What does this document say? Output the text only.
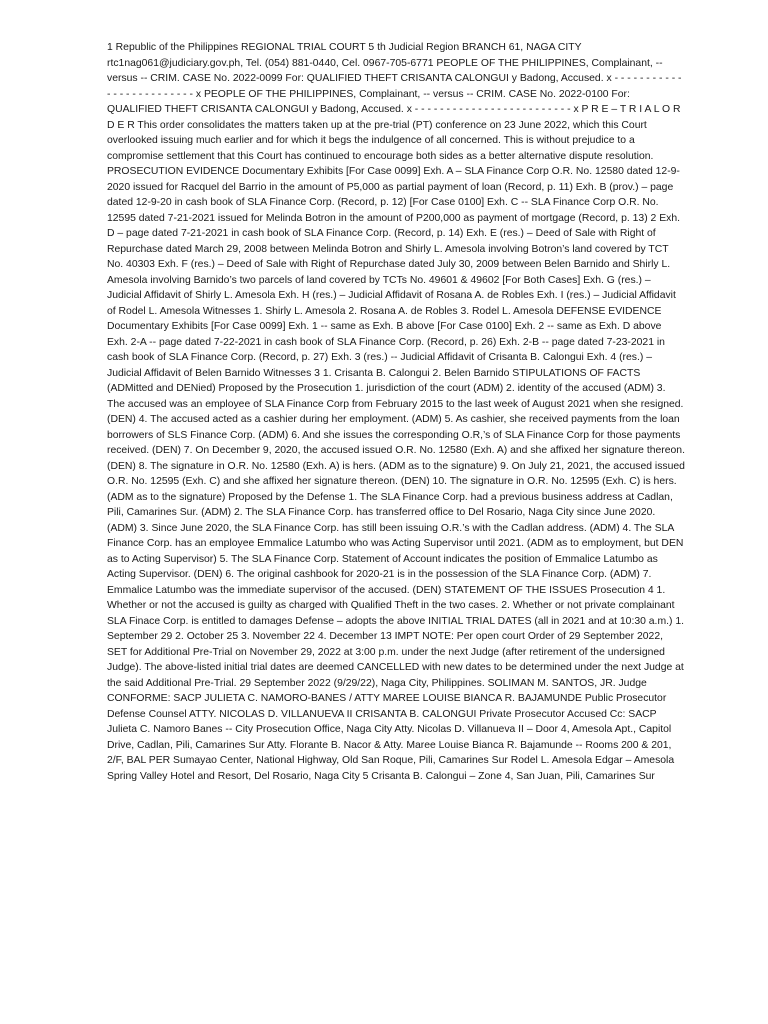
1 Republic of the Philippines REGIONAL TRIAL COURT 5 th Judicial Region BRANCH 61, NAGA CITY rtc1nag061@judiciary.gov.ph, Tel. (054) 881-0440, Cel. 0967-705-6771 PEOPLE OF THE PHILIPPINES, Complainant, -- versus -- CRIM. CASE No. 2022-0099 For: QUALIFIED THEFT CRISANTA CALONGUI y Badong, Accused. x - - - - - - - - - - - - - - - - - - - - - - - - - x PEOPLE OF THE PHILIPPINES, Complainant, -- versus -- CRIM. CASE No. 2022-0100 For: QUALIFIED THEFT CRISANTA CALONGUI y Badong, Accused. x - - - - - - - - - - - - - - - - - - - - - - - - - x P R E – T R I A L O R D E R This order consolidates the matters taken up at the pre-trial (PT) conference on 23 June 2022, which this Court overlooked issuing much earlier and for which it begs the indulgence of all concerned. This is without prejudice to a compromise settlement that this Court has continued to encourage both sides as a better alternative dispute resolution. PROSECUTION EVIDENCE Documentary Exhibits [For Case 0099] Exh. A – SLA Finance Corp O.R. No. 12580 dated 12-9-2020 issued for Racquel del Barrio in the amount of P5,000 as partial payment of loan (Record, p. 11) Exh. B (prov.) – page dated 12-9-20 in cash book of SLA Finance Corp. (Record, p. 12) [For Case 0100] Exh. C -- SLA Finance Corp O.R. No. 12595 dated 7-21-2021 issued for Melinda Botron in the amount of P200,000 as payment of mortgage (Record, p. 13) 2 Exh. D – page dated 7-21-2021 in cash book of SLA Finance Corp. (Record, p. 14) Exh. E (res.) – Deed of Sale with Right of Repurchase dated March 29, 2008 between Melinda Botron and Shirly L. Amesola involving Botron’s land covered by TCT No. 40303 Exh. F (res.) – Deed of Sale with Right of Repurchase dated July 30, 2009 between Belen Barnido and Shirly L. Amesola involving Barnido’s two parcels of land covered by TCTs No. 49601 & 49602 [For Both Cases] Exh. G (res.) – Judicial Affidavit of Shirly L. Amesola Exh. H (res.) – Judicial Affidavit of Rosana A. de Robles Exh. I (res.) – Judicial Affidavit of Rodel L. Amesola Witnesses 1. Shirly L. Amesola 2. Rosana A. de Robles 3. Rodel L. Amesola DEFENSE EVIDENCE Documentary Exhibits [For Case 0099] Exh. 1 -- same as Exh. B above [For Case 0100] Exh. 2 -- same as Exh. D above Exh. 2-A -- page dated 7-22-2021 in cash book of SLA Finance Corp. (Record, p. 26) Exh. 2-B -- page dated 7-23-2021 in cash book of SLA Finance Corp. (Record, p. 27) Exh. 3 (res.) -- Judicial Affidavit of Crisanta B. Calongui Exh. 4 (res.) – Judicial Affidavit of Belen Barnido Witnesses 3 1. Crisanta B. Calongui 2. Belen Barnido STIPULATIONS OF FACTS (ADMitted and DENied) Proposed by the Prosecution 1. jurisdiction of the court (ADM) 2. identity of the accused (ADM) 3. The accused was an employee of SLA Finance Corp from February 2015 to the last week of August 2021 when she resigned. (DEN) 4. The accused acted as a cashier during her employment. (ADM) 5. As cashier, she received payments from the loan borrowers of SLS Finance Corp. (ADM) 6. And she issues the corresponding O.R,’s of SLA Finance Corp for those payments received. (DEN) 7. On December 9, 2020, the accused issued O.R. No. 12580 (Exh. A) and she affixed her signature thereon. (DEN) 8. The signature in O.R. No. 12580 (Exh. A) is hers. (ADM as to the signature) 9. On July 21, 2021, the accused issued O.R. No. 12595 (Exh. C) and she affixed her signature thereon. (DEN) 10. The signature in O.R. No. 12595 (Exh. C) is hers. (ADM as to the signature) Proposed by the Defense 1. The SLA Finance Corp. had a previous business address at Cadlan, Pili, Camarines Sur. (ADM) 2. The SLA Finance Corp. has transferred office to Del Rosario, Naga City since June 2020. (ADM) 3. Since June 2020, the SLA Finance Corp. has still been issuing O.R.’s with the Cadlan address. (ADM) 4. The SLA Finance Corp. has an employee Emmalice Latumbo who was Acting Supervisor until 2021. (ADM as to employment, but DEN as to Acting Supervisor) 5. The SLA Finance Corp. Statement of Account indicates the position of Emmalice Latumbo as Acting Supervisor. (DEN) 6. The original cashbook for 2020-21 is in the possession of the SLA Finance Corp. (ADM) 7. Emmalice Latumbo was the immediate supervisor of the accused. (DEN) STATEMENT OF THE ISSUES Prosecution 4 1. Whether or not the accused is guilty as charged with Qualified Theft in the two cases. 2. Whether or not private complainant SLA Finace Corp. is entitled to damages Defense – adopts the above INITIAL TRIAL DATES (all in 2021 and at 10:30 a.m.) 1. September 29 2. October 25 3. November 22 4. December 13 IMPT NOTE: Per open court Order of 29 September 2022, SET for Additional Pre-Trial on November 29, 2022 at 3:00 p.m. under the next Judge (after retirement of the undersigned Judge). The above-listed initial trial dates are deemed CANCELLED with new dates to be determined under the next Judge at the said Additional Pre-Trial. 29 September 2022 (9/29/22), Naga City, Philippines. SOLIMAN M. SANTOS, JR. Judge CONFORME: SACP JULIETA C. NAMORO-BANES / ATTY MAREE LOUISE BIANCA R. BAJAMUNDE Public Prosecutor Defense Counsel ATTY. NICOLAS D. VILLANUEVA II CRISANTA B. CALONGUI Private Prosecutor Accused Cc: SACP Julieta C. Namoro Banes -- City Prosecution Office, Naga City Atty. Nicolas D. Villanueva II – Door 4, Amesola Apt., Capitol Drive, Cadlan, Pili, Camarines Sur Atty. Florante B. Nacor & Atty. Maree Louise Bianca R. Bajamunde -- Rooms 200 & 201, 2/F, BAL PER Sumayao Center, National Highway, Old San Roque, Pili, Camarines Sur Rodel L. Amesola Edgar – Amesola Spring Valley Hotel and Resort, Del Rosario, Naga City 5 Crisanta B. Calongui – Zone 4, San Juan, Pili, Camarines Sur
